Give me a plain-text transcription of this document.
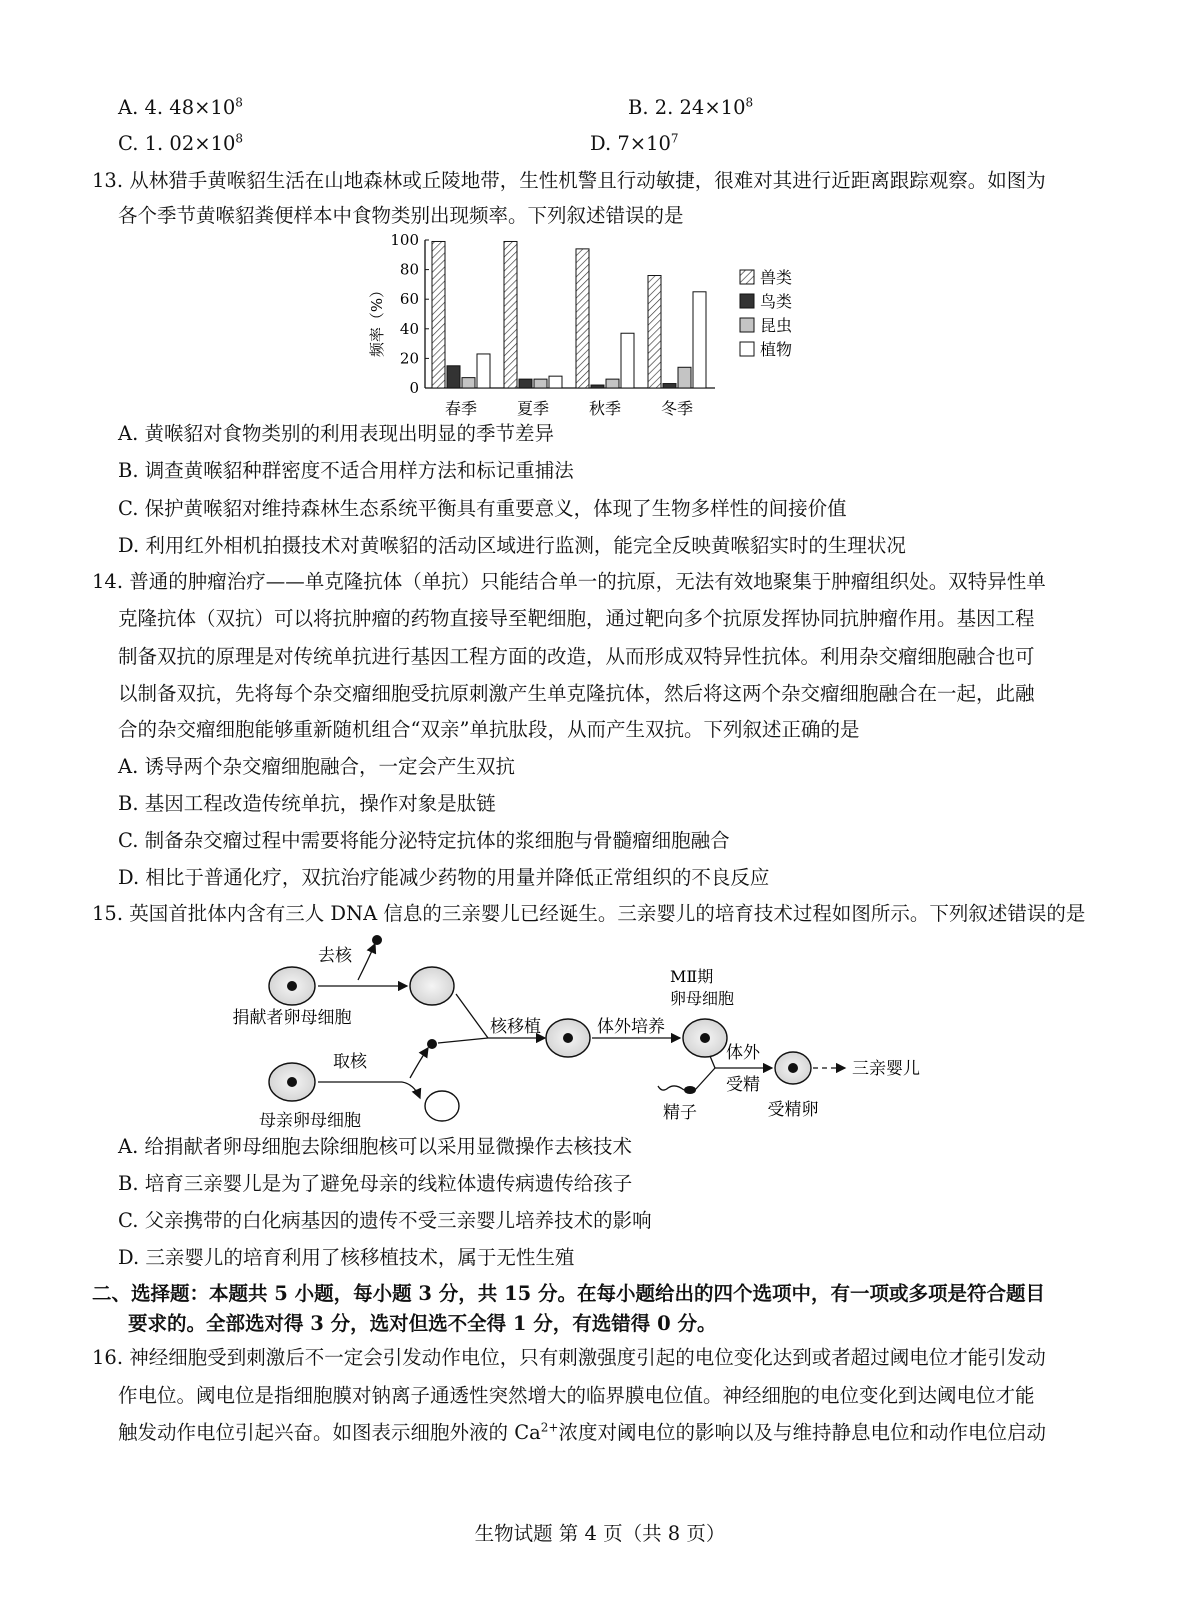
A. 4. $48\times 10^8$	B. 2. $24\times 10^8$
C. 1. $02\times 10^8$	D. $7\times 10^7$
13. 从林猎手黄喉貂生活在山地森林或丘陵地带，生性机警且行动敏捷，很难对其进行近距离跟踪观察。如图为
各个季节黄喉貂粪便样本中食物类别出现频率。下列叙述错误的是
频率（%）
0
20
40
60
80
100
春季 夏季 秋季 冬季
兽类
鸟类
昆虫
植物
A. 黄喉貂对食物类别的利用表现出明显的季节差异
B. 调查黄喉貂种群密度不适合用样方法和标记重捕法
C. 保护黄喉貂对维持森林生态系统平衡具有重要意义，体现了生物多样性的间接价值
D. 利用红外相机拍摄技术对黄喉貂的活动区域进行监测，能完全反映黄喉貂实时的生理状况
14. 普通的肿瘤治疗——单克隆抗体（单抗）只能结合单一的抗原，无法有效地聚集于肿瘤组织处。双特异性单
克隆抗体（双抗）可以将抗肿瘤的药物直接导至靶细胞，通过靶向多个抗原发挥协同抗肿瘤作用。基因工程
制备双抗的原理是对传统单抗进行基因工程方面的改造，从而形成双特异性抗体。利用杂交瘤细胞融合也可
以制备双抗，先将每个杂交瘤细胞受抗原刺激产生单克隆抗体，然后将这两个杂交瘤细胞融合在一起，此融
合的杂交瘤细胞能够重新随机组合“双亲”单抗肽段，从而产生双抗。下列叙述正确的是
A. 诱导两个杂交瘤细胞融合，一定会产生双抗
B. 基因工程改造传统单抗，操作对象是肽链
C. 制备杂交瘤过程中需要将能分泌特定抗体的浆细胞与骨髓瘤细胞融合
D. 相比于普通化疗，双抗治疗能减少药物的用量并降低正常组织的不良反应
15. 英国首批体内含有三人 DNA 信息的三亲婴儿已经诞生。三亲婴儿的培育技术过程如图所示。下列叙述错误的是
捐献者卵母细胞
去核
母亲卵母细胞
取核
核移植	体外培养
MⅡ期
卵母细胞
体外
受精
精子	受精卵
三亲婴儿
A. 给捐献者卵母细胞去除细胞核可以采用显微操作去核技术
B. 培育三亲婴儿是为了避免母亲的线粒体遗传病遗传给孩子
C. 父亲携带的白化病基因的遗传不受三亲婴儿培养技术的影响
D. 三亲婴儿的培育利用了核移植技术，属于无性生殖
二、选择题：本题共 5 小题，每小题 3 分，共 15 分。在每小题给出的四个选项中，有一项或多项是符合题目
要求的。全部选对得 3 分，选对但选不全得 1 分，有选错得 0 分。
16. 神经细胞受到刺激后不一定会引发动作电位，只有刺激强度引起的电位变化达到或者超过阈电位才能引发动
作电位。阈电位是指细胞膜对钠离子通透性突然增大的临界膜电位值。神经细胞的电位变化到达阈电位才能
触发动作电位引起兴奋。如图表示细胞外液的 $Ca^{2+}$浓度对阈电位的影响以及与维持静息电位和动作电位启动
生物试题 第 4 页（共 8 页）
